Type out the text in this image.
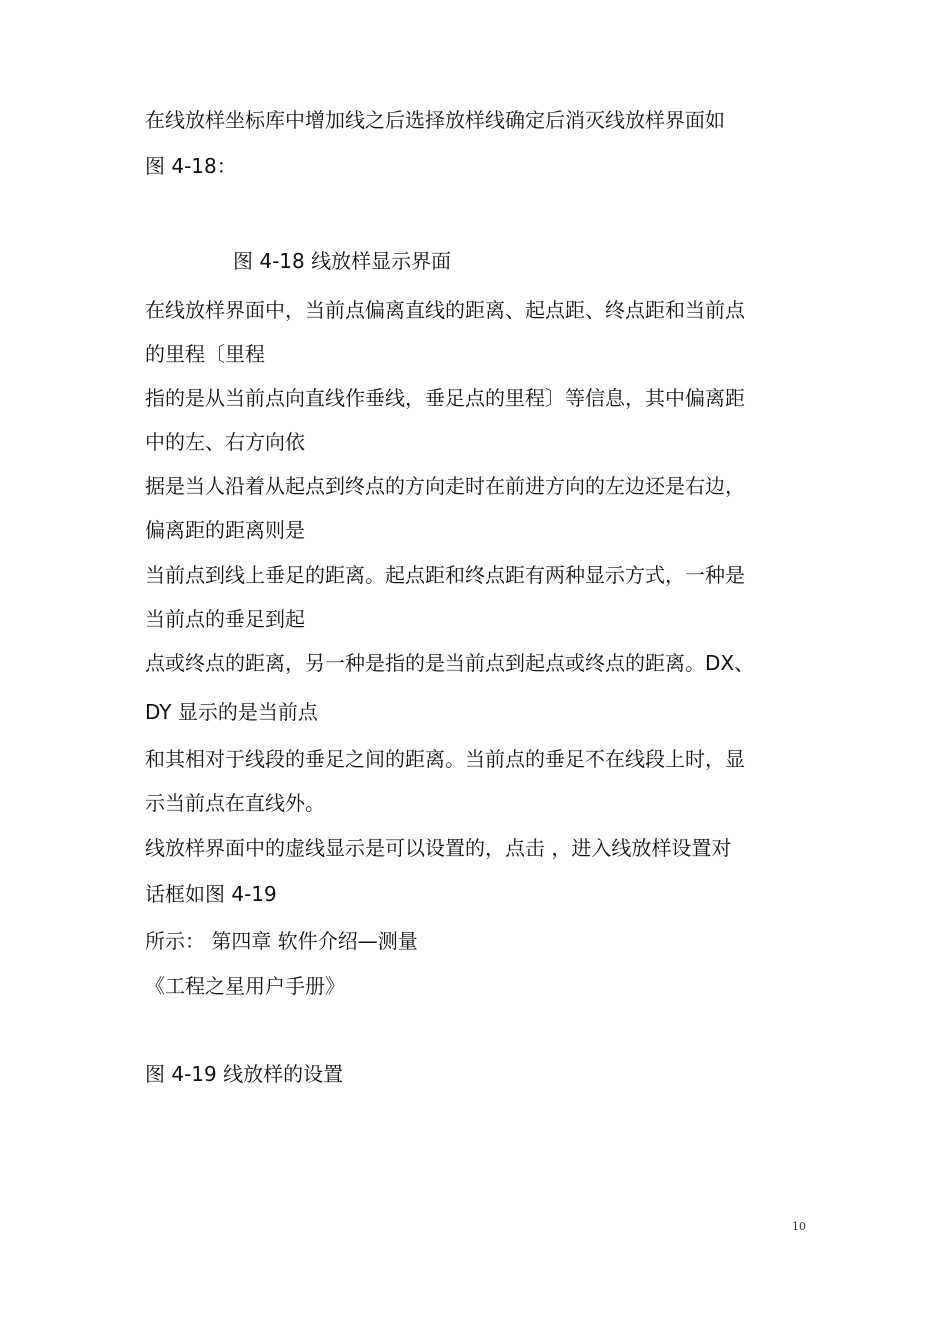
在线放样坐标库中增加线之后选择放样线确定后消灭线放样界面如
图 4-18：
图 4-18 线放样显示界面
在线放样界面中，当前点偏离直线的距离、起点距、终点距和当前点
的里程〔里程
指的是从当前点向直线作垂线，垂足点的里程〕等信息，其中偏离距
中的左、右方向依
据是当人沿着从起点到终点的方向走时在前进方向的左边还是右边，
偏离距的距离则是
当前点到线上垂足的距离。起点距和终点距有两种显示方式，一种是
当前点的垂足到起
点或终点的距离，另一种是指的是当前点到起点或终点的距离。DX、
DY 显示的是当前点
和其相对于线段的垂足之间的距离。当前点的垂足不在线段上时，显
示当前点在直线外。
线放样界面中的虚线显示是可以设置的，点击 ，进入线放样设置对
话框如图 4-19
所示： 第四章 软件介绍—测量
《工程之星用户手册》
图 4-19 线放样的设置
10
